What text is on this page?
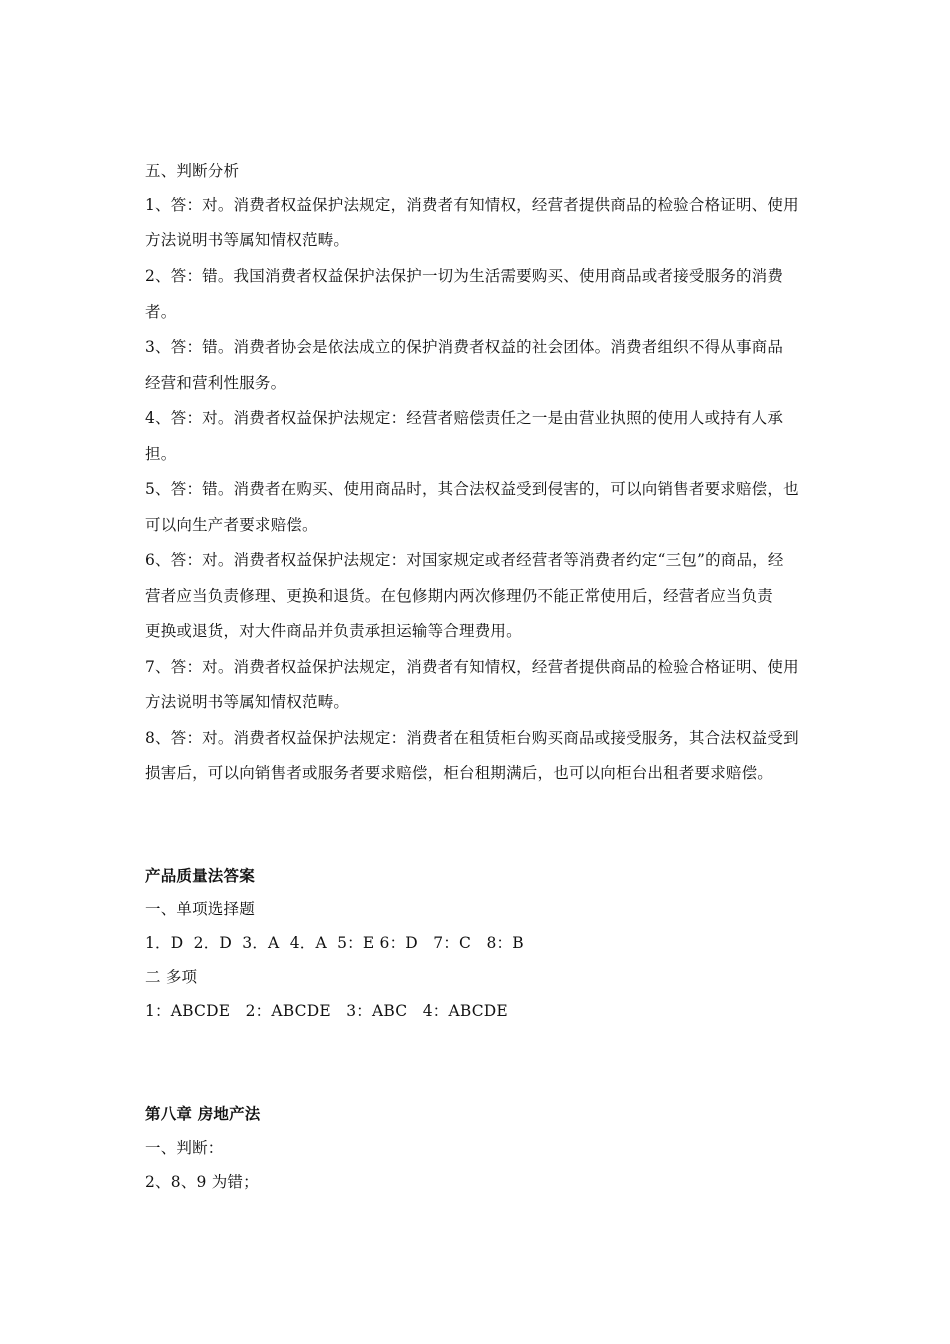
五、判断分析
1、答：对。消费者权益保护法规定，消费者有知情权，经营者提供商品的检验合格证明、使用
方法说明书等属知情权范畴。
2、答：错。我国消费者权益保护法保护一切为生活需要购买、使用商品或者接受服务的消费
者。
3、答：错。消费者协会是依法成立的保护消费者权益的社会团体。消费者组织不得从事商品
经营和营利性服务。
4、答：对。消费者权益保护法规定：经营者赔偿责任之一是由营业执照的使用人或持有人承
担。
5、答：错。消费者在购买、使用商品时，其合法权益受到侵害的，可以向销售者要求赔偿，也
可以向生产者要求赔偿。
6、答：对。消费者权益保护法规定：对国家规定或者经营者等消费者约定“三包”的商品，经
营者应当负责修理、更换和退货。在包修期内两次修理仍不能正常使用后，经营者应当负责
更换或退货，对大件商品并负责承担运输等合理费用。
7、答：对。消费者权益保护法规定，消费者有知情权，经营者提供商品的检验合格证明、使用
方法说明书等属知情权范畴。
8、答：对。消费者权益保护法规定：消费者在租赁柜台购买商品或接受服务，其合法权益受到
损害后，可以向销售者或服务者要求赔偿，柜台租期满后，也可以向柜台出租者要求赔偿。
产品质量法答案
一、单项选择题
1．D  2．D  3．A  4．A  5：E 6：D   7：C   8：B
二 多项
1：ABCDE   2：ABCDE   3：ABC   4：ABCDE
第八章 房地产法
一、判断：
2、8、9 为错；
